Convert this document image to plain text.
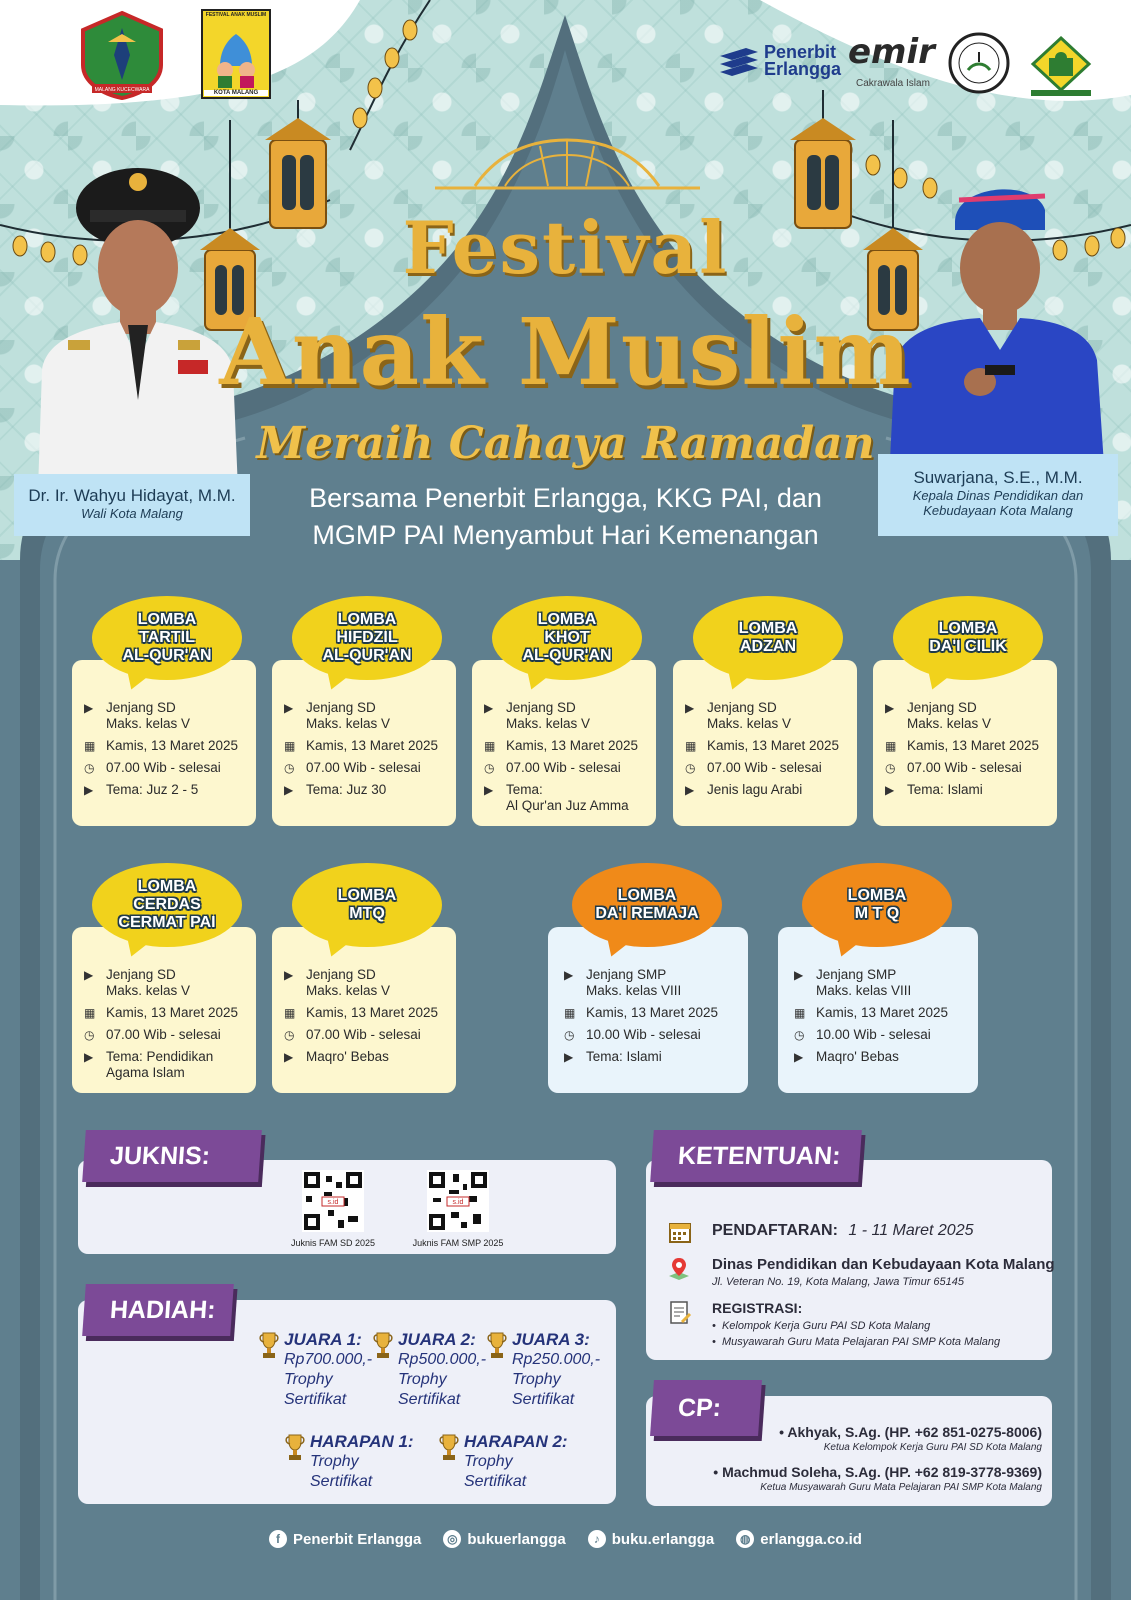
MALANG KUCECWARA
FESTIVAL ANAK MUSLIM
KOTA MALANG
Penerbit
Erlangga emir
Cakrawala Islam
Dr. Ir. Wahyu Hidayat, M.M.
Wali Kota Malang
Suwarjana, S.E., M.M.
Kepala Dinas Pendidikan dan
Kebudayaan Kota Malang
Festival
Anak Muslim
Meraih Cahaya Ramadan
Bersama Penerbit Erlangga, KKG PAI, dan
MGMP PAI Menyambut Hari Kemenangan
▶ Jenjang SD
Maks. kelas V
▦ Kamis, 13 Maret 2025
◷ 07.00 Wib - selesai
▶ Tema: Juz 2 - 5
LOMBA
TARTIL
AL-QUR'AN
▶ Jenjang SD
Maks. kelas V
▦ Kamis, 13 Maret 2025
◷ 07.00 Wib - selesai
▶ Tema: Juz 30
LOMBA
HIFDZIL
AL-QUR'AN
▶ Jenjang SD
Maks. kelas V
▦ Kamis, 13 Maret 2025
◷ 07.00 Wib - selesai
▶ Tema:
Al Qur'an Juz Amma
LOMBA
KHOT
AL-QUR'AN
▶ Jenjang SD
Maks. kelas V
▦ Kamis, 13 Maret 2025
◷ 07.00 Wib - selesai
▶ Jenis lagu Arabi
LOMBA
ADZAN
▶ Jenjang SD
Maks. kelas V
▦ Kamis, 13 Maret 2025
◷ 07.00 Wib - selesai
▶ Tema: Islami
LOMBA
DA'I CILIK
▶ Jenjang SD
Maks. kelas V
▦ Kamis, 13 Maret 2025
◷ 07.00 Wib - selesai
▶ Tema: Pendidikan
Agama Islam
LOMBA
CERDAS
CERMAT PAI
▶ Jenjang SD
Maks. kelas V
▦ Kamis, 13 Maret 2025
◷ 07.00 Wib - selesai
▶ Maqro' Bebas
LOMBA
MTQ
▶ Jenjang SMP
Maks. kelas VIII
▦ Kamis, 13 Maret 2025
◷ 10.00 Wib - selesai
▶ Tema: Islami
LOMBA
DA'I REMAJA
▶ Jenjang SMP
Maks. kelas VIII
▦ Kamis, 13 Maret 2025
◷ 10.00 Wib - selesai
▶ Maqro' Bebas
LOMBA
M T Q
JUKNIS:
s.id	s.id
Juknis FAM SD 2025	Juknis FAM SMP 2025
HADIAH:
JUARA 1:
Rp700.000,-
Trophy
Sertifikat
JUARA 2:
Rp500.000,-
Trophy
Sertifikat
JUARA 3:
Rp250.000,-
Trophy
Sertifikat
HARAPAN 1:
Trophy
Sertifikat
HARAPAN 2:
Trophy
Sertifikat
KETENTUAN:
PENDAFTARAN: 1 - 11 Maret 2025
Dinas Pendidikan dan Kebudayaan Kota Malang
Jl. Veteran No. 19, Kota Malang, Jawa Timur 65145
REGISTRASI:
•  Kelompok Kerja Guru PAI SD Kota Malang
•  Musyawarah Guru Mata Pelajaran PAI SMP Kota Malang
CP:
• Akhyak, S.Ag. (HP. +62 851-0275-8006)
Ketua Kelompok Kerja Guru PAI SD Kota Malang
• Machmud Soleha, S.Ag. (HP. +62 819-3778-9369)
Ketua Musyawarah Guru Mata Pelajaran PAI SMP Kota Malang
f Penerbit Erlangga	◎ bukuerlangga	♪ buku.erlangga	◍ erlangga.co.id
